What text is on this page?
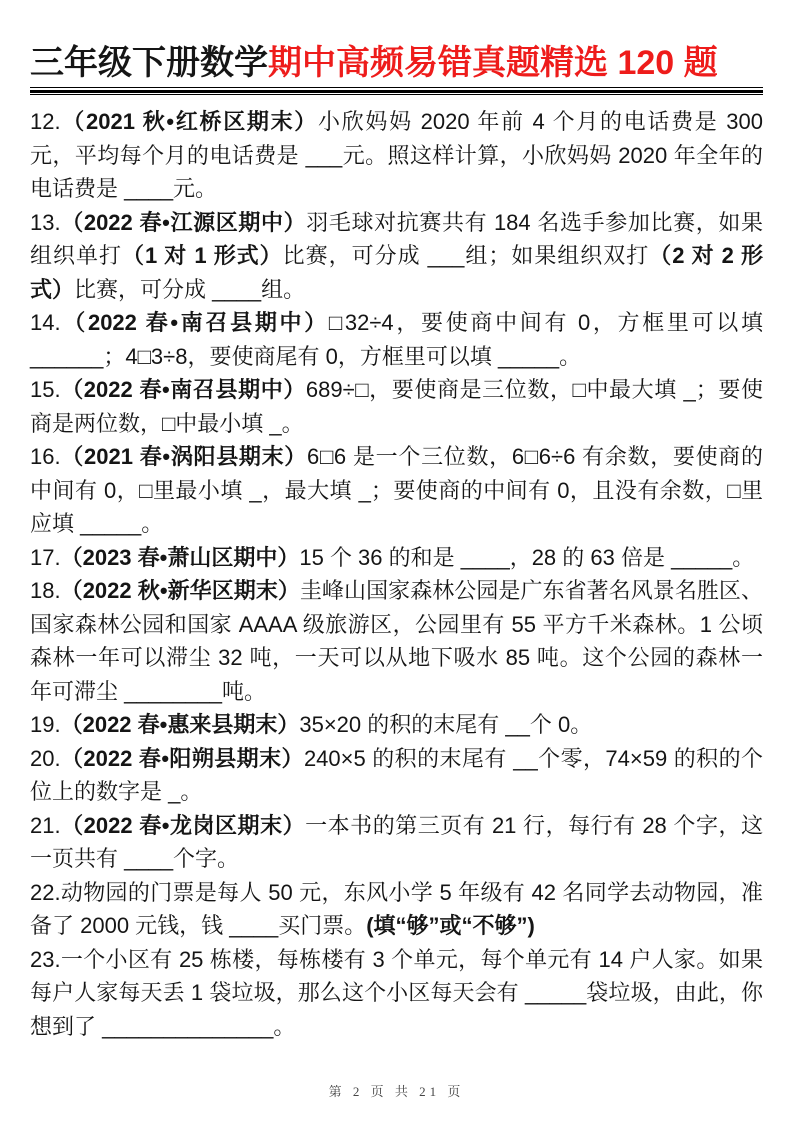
三年级下册数学期中高频易错真题精选 120 题

12.（2021 秋•红桥区期末）小欣妈妈 2020 年前 4 个月的电话费是 300 元，平均每个月的电话费是 ___元。照这样计算，小欣妈妈 2020 年全年的电话费是 ____元。

13.（2022 春•江源区期中）羽毛球对抗赛共有 184 名选手参加比赛，如果组织单打（1 对 1 形式）比赛，可分成 ___组；如果组织双打（2 对 2 形式）比赛，可分成 ____组。

14.（2022 春•南召县期中）□32÷4，要使商中间有 0，方框里可以填 ______；4□3÷8，要使商尾有 0，方框里可以填 _____。

15.（2022 春•南召县期中）689÷□，要使商是三位数，□中最大填 _；要使商是两位数，□中最小填 _。

16.（2021 春•涡阳县期末）6□6 是一个三位数，6□6÷6 有余数，要使商的中间有 0，□里最小填 _，最大填 _；要使商的中间有 0，且没有余数，□里应填 _____。

17.（2023 春•萧山区期中）15 个 36 的和是 ____，28 的 63 倍是 _____。

18.（2022 秋•新华区期末）圭峰山国家森林公园是广东省著名风景名胜区、国家森林公园和国家 AAAA 级旅游区，公园里有 55 平方千米森林。1 公顷森林一年可以滞尘 32 吨，一天可以从地下吸水 85 吨。这个公园的森林一年可滞尘 ________吨。

19.（2022 春•惠来县期末）35×20 的积的末尾有 __个 0。

20.（2022 春•阳朔县期末）240×5 的积的末尾有 __个零，74×59 的积的个位上的数字是 _。

21.（2022 春•龙岗区期末）一本书的第三页有 21 行，每行有 28 个字，这一页共有 ____个字。

22.动物园的门票是每人 50 元，东风小学 5 年级有 42 名同学去动物园，准备了 2000 元钱，钱 ____买门票。(填“够”或“不够”)

23.一个小区有 25 栋楼，每栋楼有 3 个单元，每个单元有 14 户人家。如果每户人家每天丢 1 袋垃圾，那么这个小区每天会有 _____袋垃圾，由此，你想到了 ______________。

第 2 页 共 21 页
